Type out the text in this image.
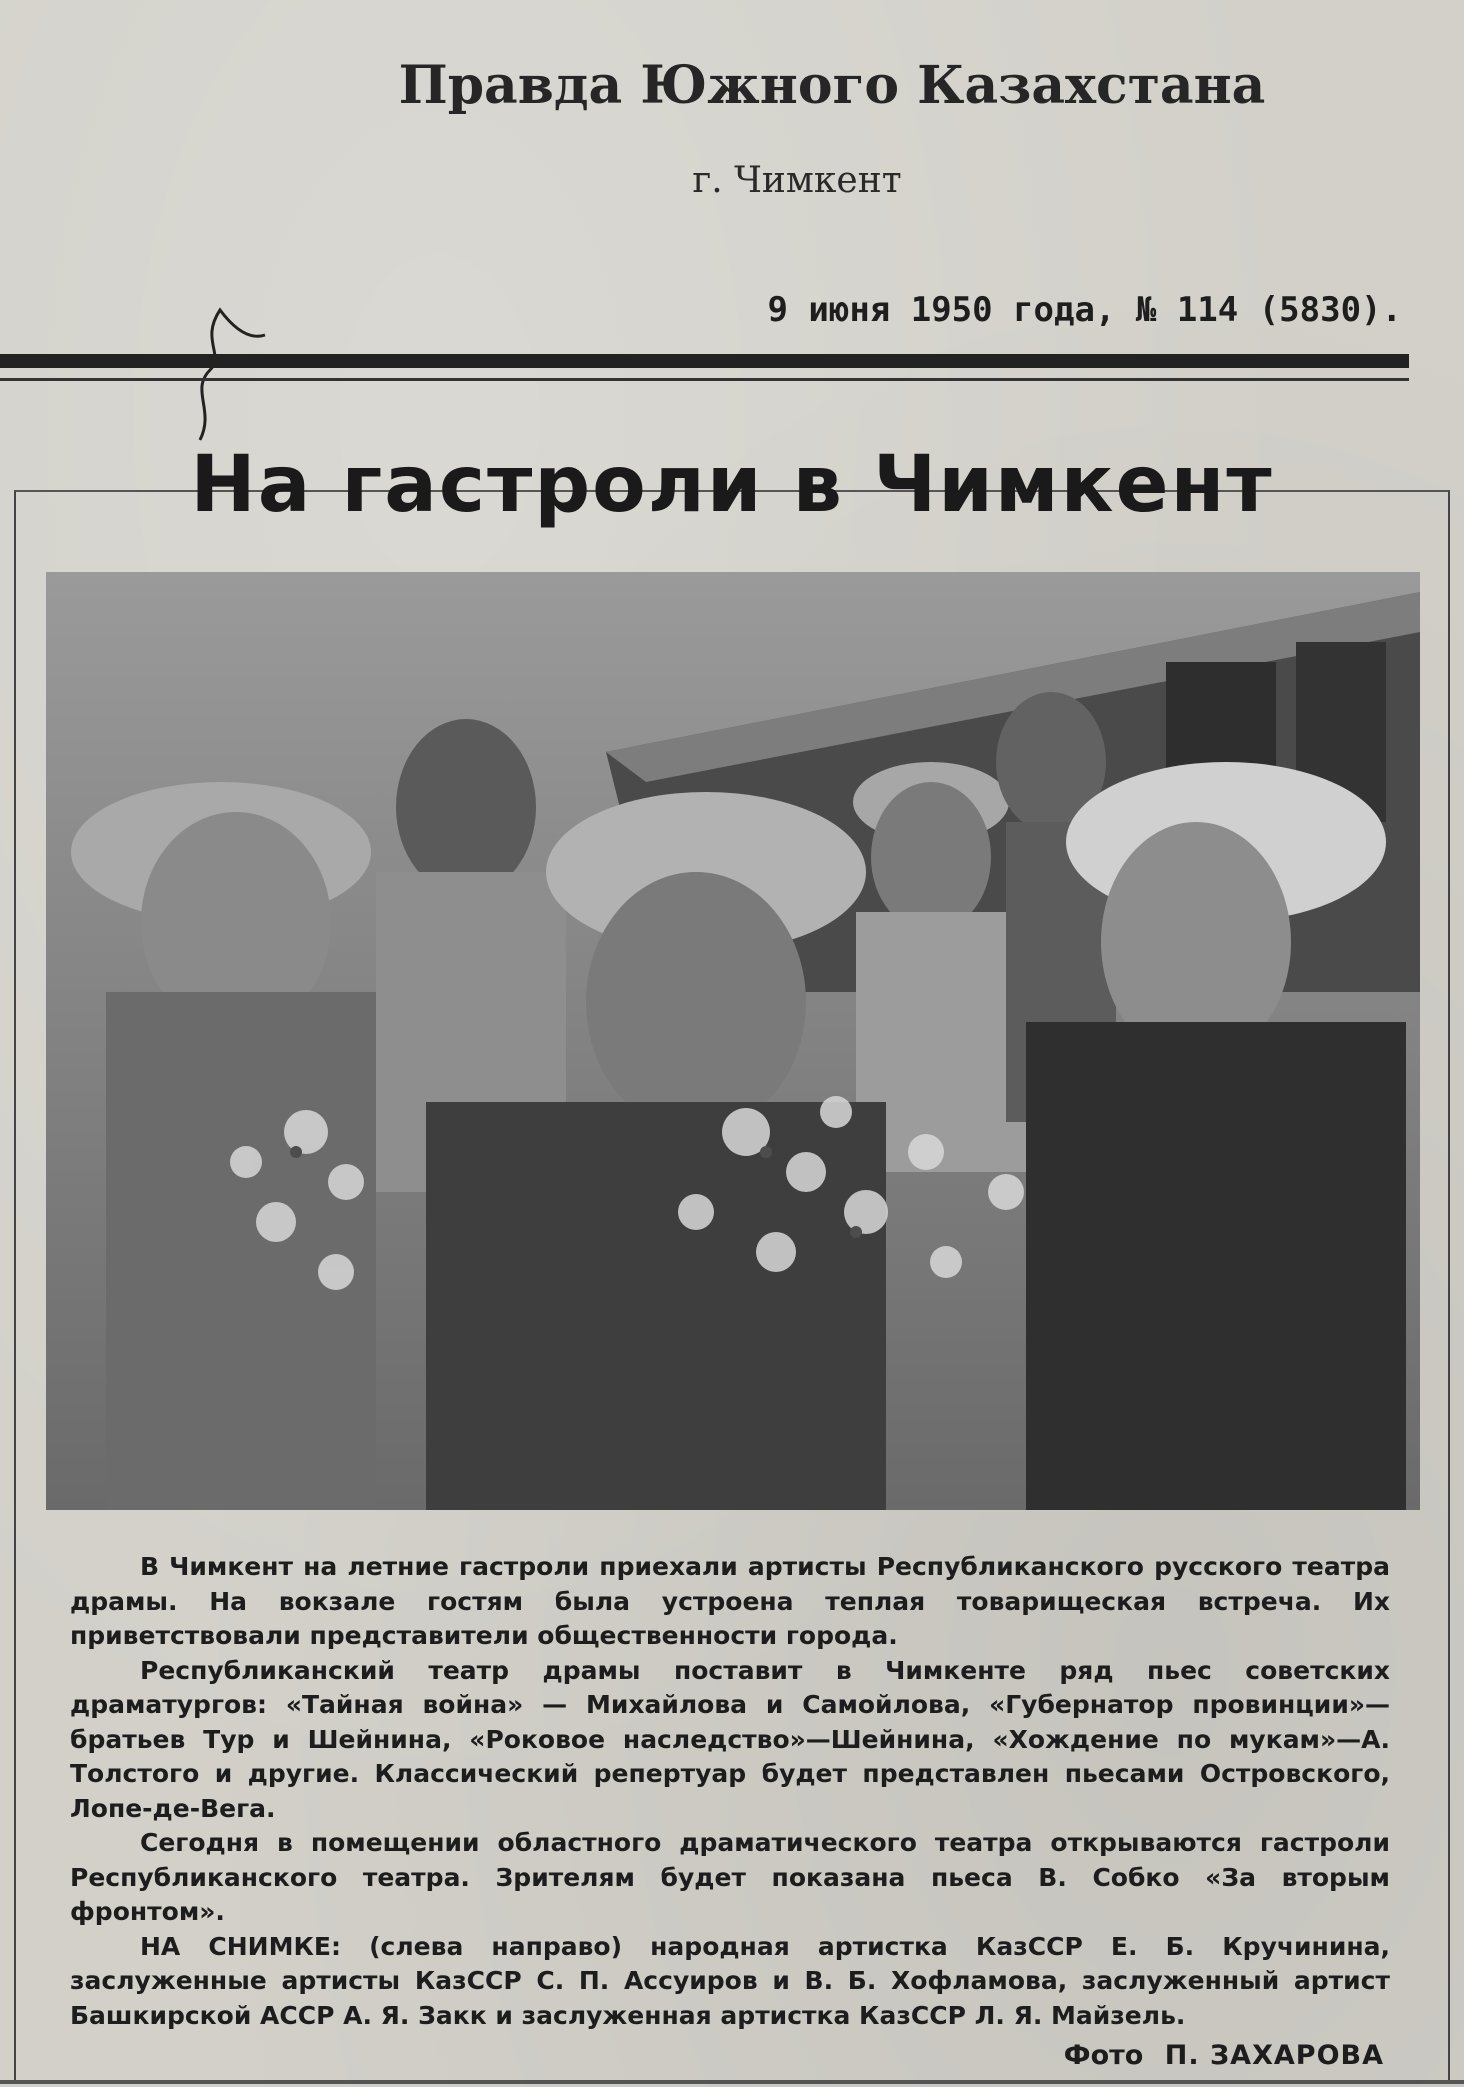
Правда Южного Казахстана
г. Чимкент
9 июня 1950 года, № 114 (5830).
На гастроли в Чимкент

В Чимкент на летние гастроли приехали артисты Республиканского русского театра драмы. На вокзале гостям была устроена теплая товарищеская встреча. Их приветствовали представители общественности города.

Республиканский театр драмы поставит в Чимкенте ряд пьес советских драматургов: «Тайная война» — Михайлова и Самойлова, «Губернатор провинции»—братьев Тур и Шейнина, «Роковое наследство»—Шейнина, «Хождение по мукам»—А. Толстого и другие. Классический репертуар будет представлен пьесами Островского, Лопе-де-Вега.

Сегодня в помещении областного драматического театра открываются гастроли Республиканского театра. Зрителям будет показана пьеса В. Собко «За вторым фронтом».

НА СНИМКЕ: (слева направо) народная артистка КазССР Е. Б. Кручинина, заслуженные артисты КазССР С. П. Ассуиров и В. Б. Хофламова, заслуженный артист Башкирской АССР А. Я. Закк и заслуженная артистка КазССР Л. Я. Майзель.

Фото П. ЗАХАРОВА
